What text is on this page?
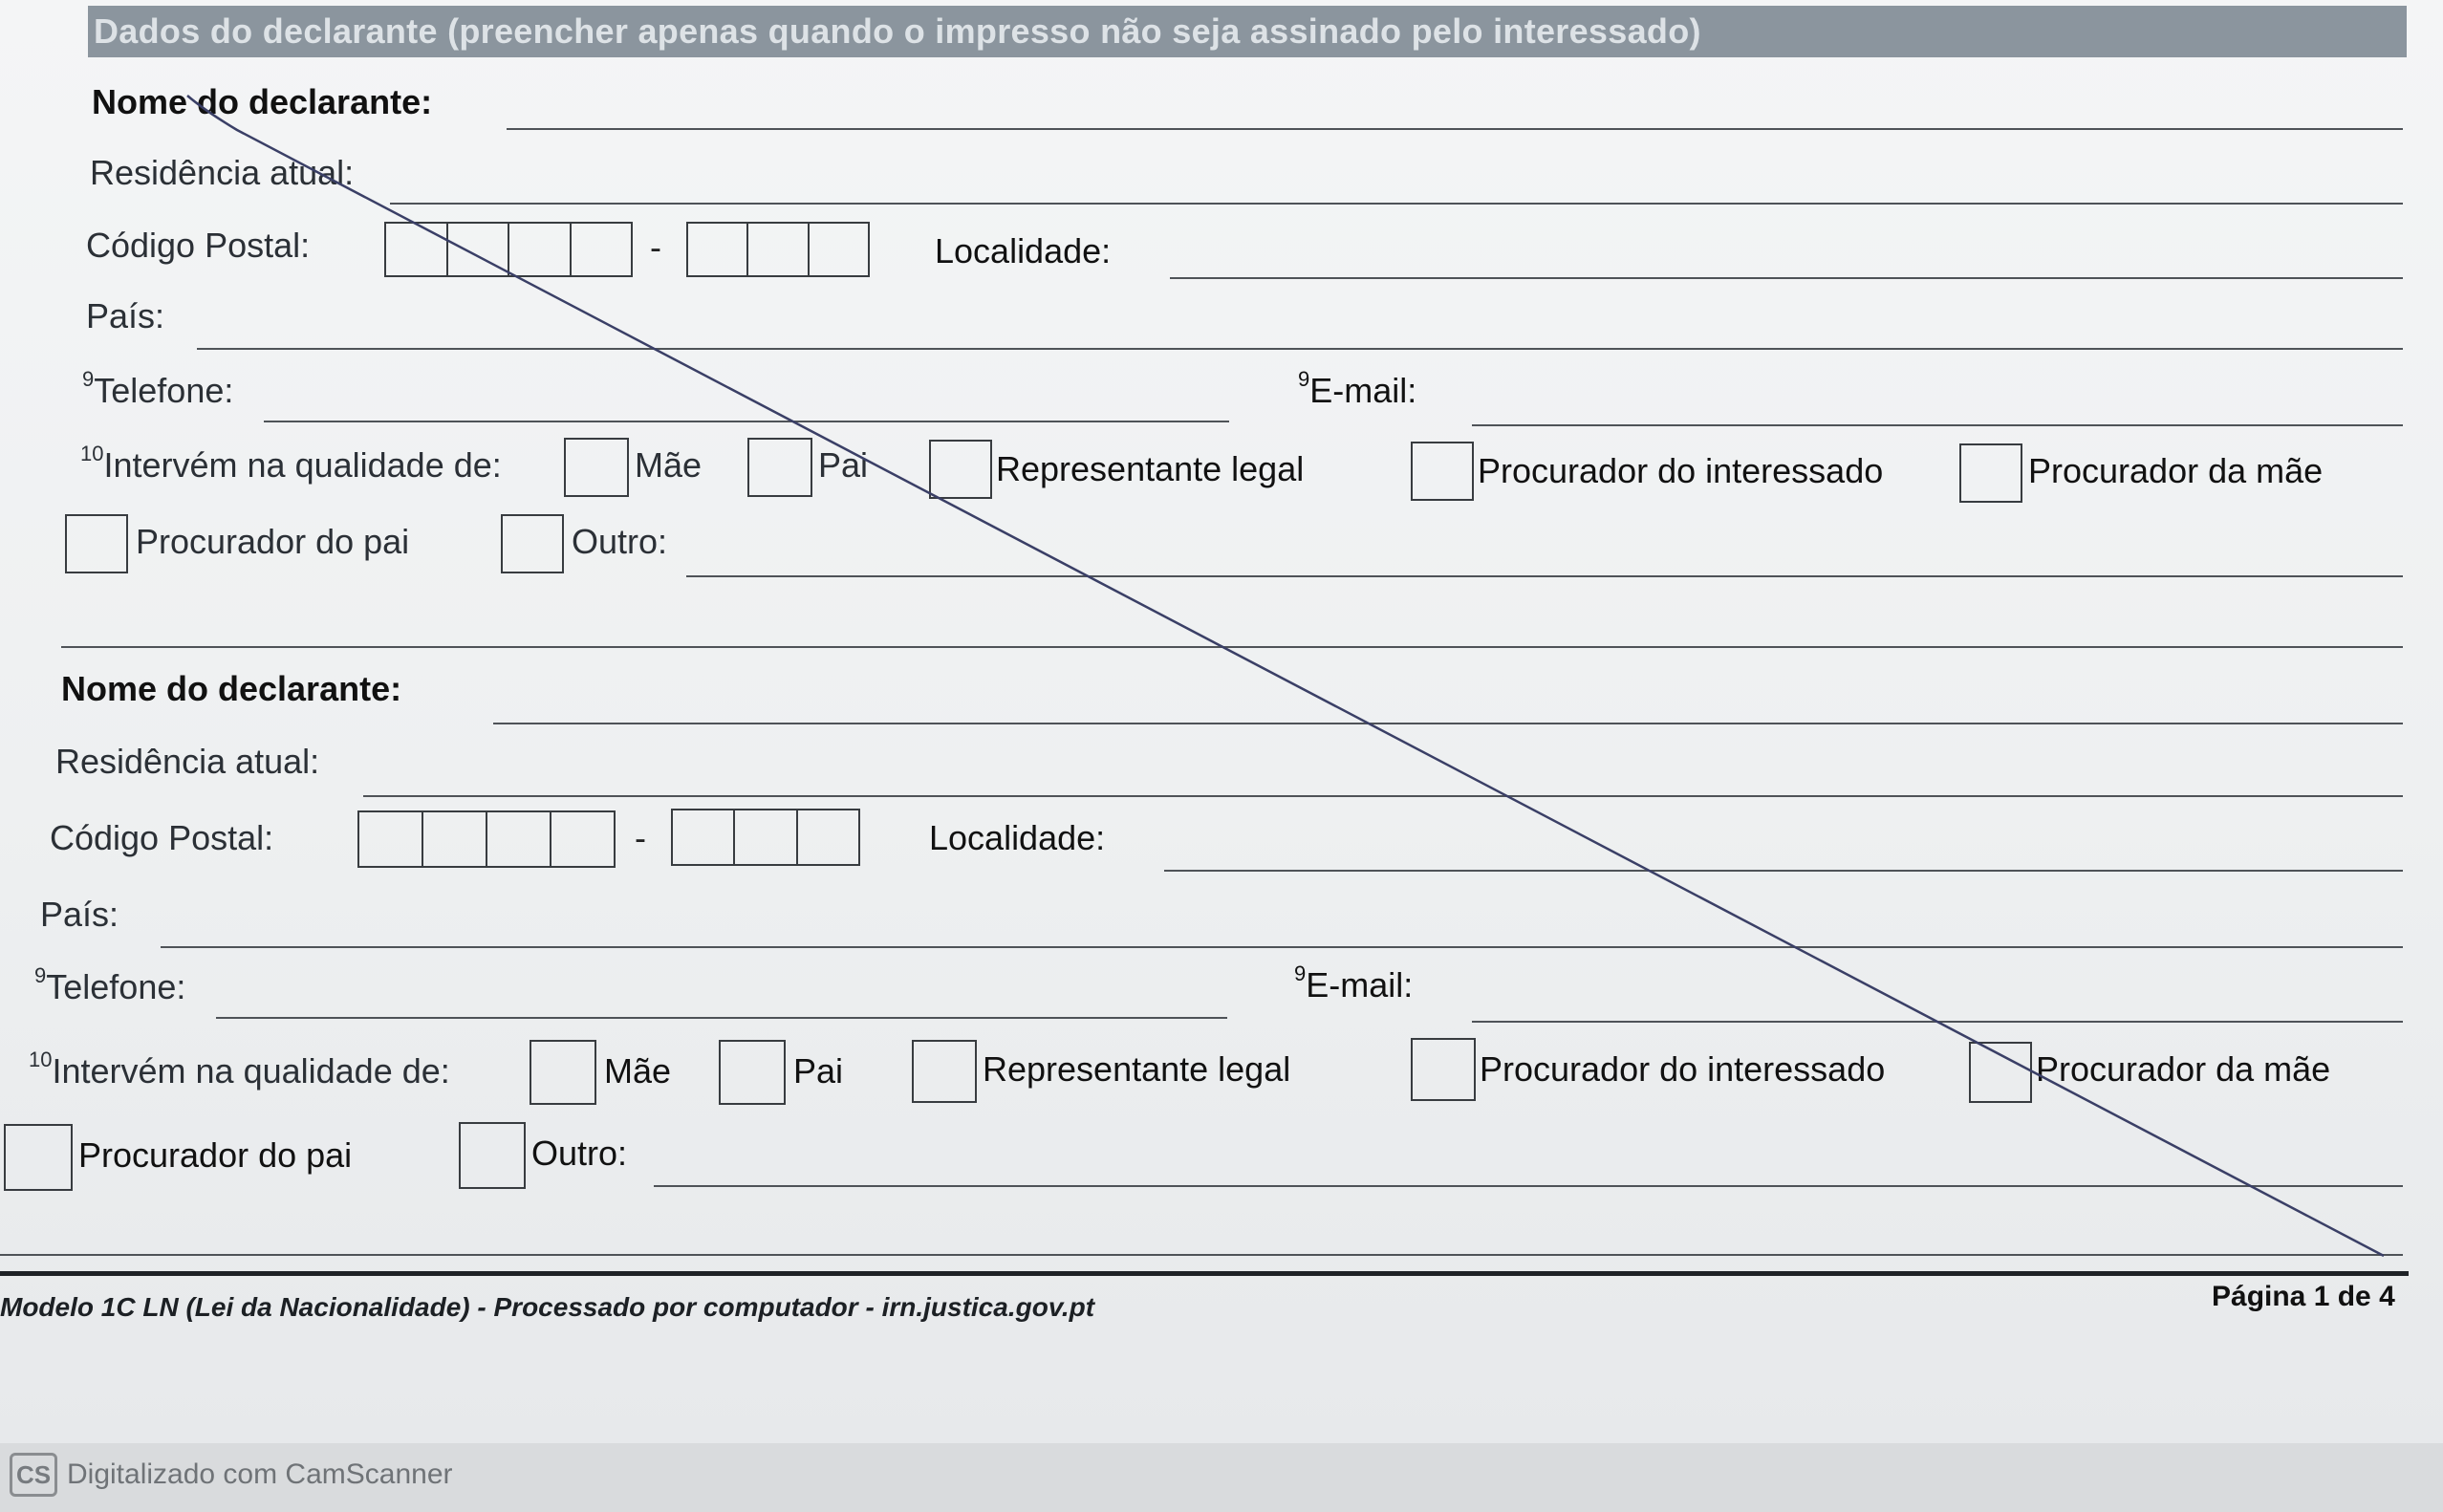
Dados do declarante (preencher apenas quando o impresso não seja assinado pelo interessado)
Nome do declarante:
Residência atual:
Código Postal:	-	Localidade:
País:
$^9$Telefone:	$^9$E-mail:
$^{10}$Intervém na qualidade de:	Mãe	Pai	Representante legal	Procurador do interessado	Procurador da mãe
Procurador do pai	Outro:
Nome do declarante:
Residência atual:
Código Postal:	-	Localidade:
País:
$^9$Telefone:	$^9$E-mail:
$^{10}$Intervém na qualidade de:	Mãe	Pai	Representante legal	Procurador do interessado	Procurador da mãe
Procurador do pai	Outro:
Modelo 1C LN (Lei da Nacionalidade) - Processado por computador - irn.justica.gov.pt	Página 1 de 4
CS Digitalizado com CamScanner
